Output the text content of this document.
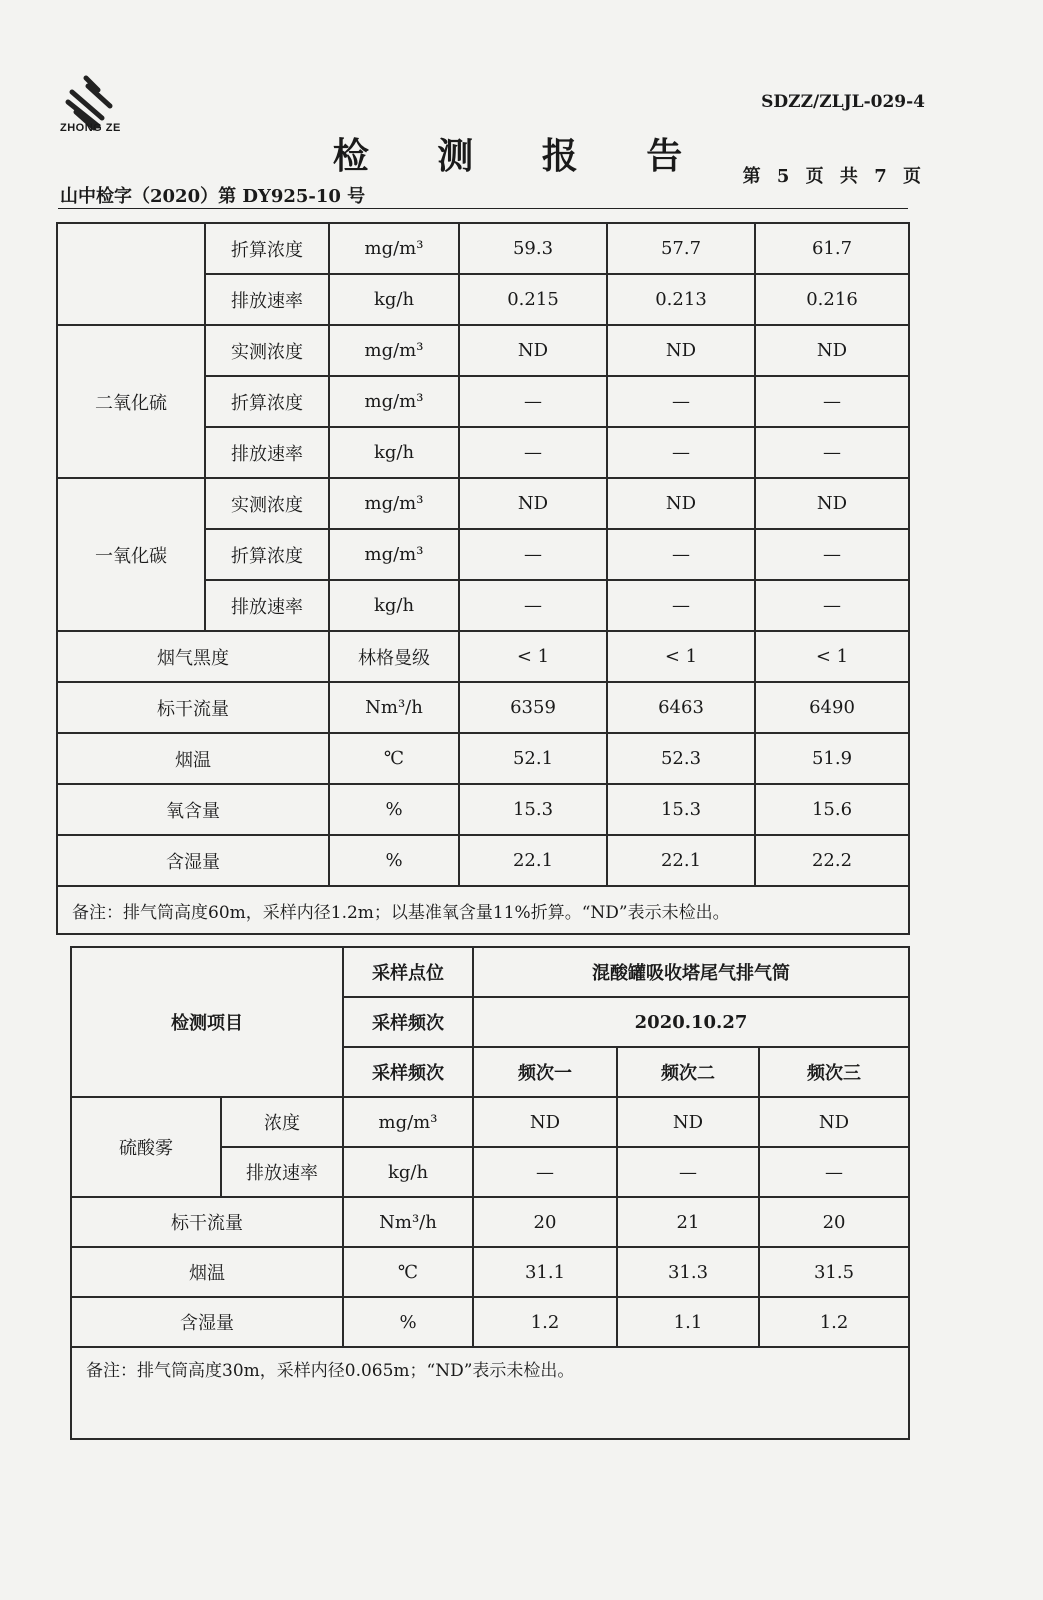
ZHONG ZE
SDZZ/ZLJL-029-4
检 测 报 告
山中检字（2020）第 DY925-10 号
第 5 页 共 7 页
	折算浓度	mg/m³	59.3	57.7	61.7
	排放速率	kg/h	0.215	0.213	0.216
二氧化硫	实测浓度	mg/m³	ND	ND	ND
	折算浓度	mg/m³	—	—	—
	排放速率	kg/h	—	—	—
一氧化碳	实测浓度	mg/m³	ND	ND	ND
	折算浓度	mg/m³	—	—	—
	排放速率	kg/h	—	—	—
烟气黑度		林格曼级	< 1	< 1	< 1
标干流量		Nm³/h	6359	6463	6490
烟温		℃	52.1	52.3	51.9
氧含量		%	15.3	15.3	15.6
含湿量		%	22.1	22.1	22.2
备注：排气筒高度60m，采样内径1.2m；以基准氧含量11%折算。“ND”表示未检出。					
检测项目		采样点位	混酸罐吸收塔尾气排气筒		
		采样频次	2020.10.27		
		采样频次	频次一	频次二	频次三
硫酸雾	浓度	mg/m³	ND	ND	ND
	排放速率	kg/h	—	—	—
标干流量		Nm³/h	20	21	20
烟温		℃	31.1	31.3	31.5
含湿量		%	1.2	1.1	1.2
备注：排气筒高度30m，采样内径0.065m；“ND”表示未检出。					
